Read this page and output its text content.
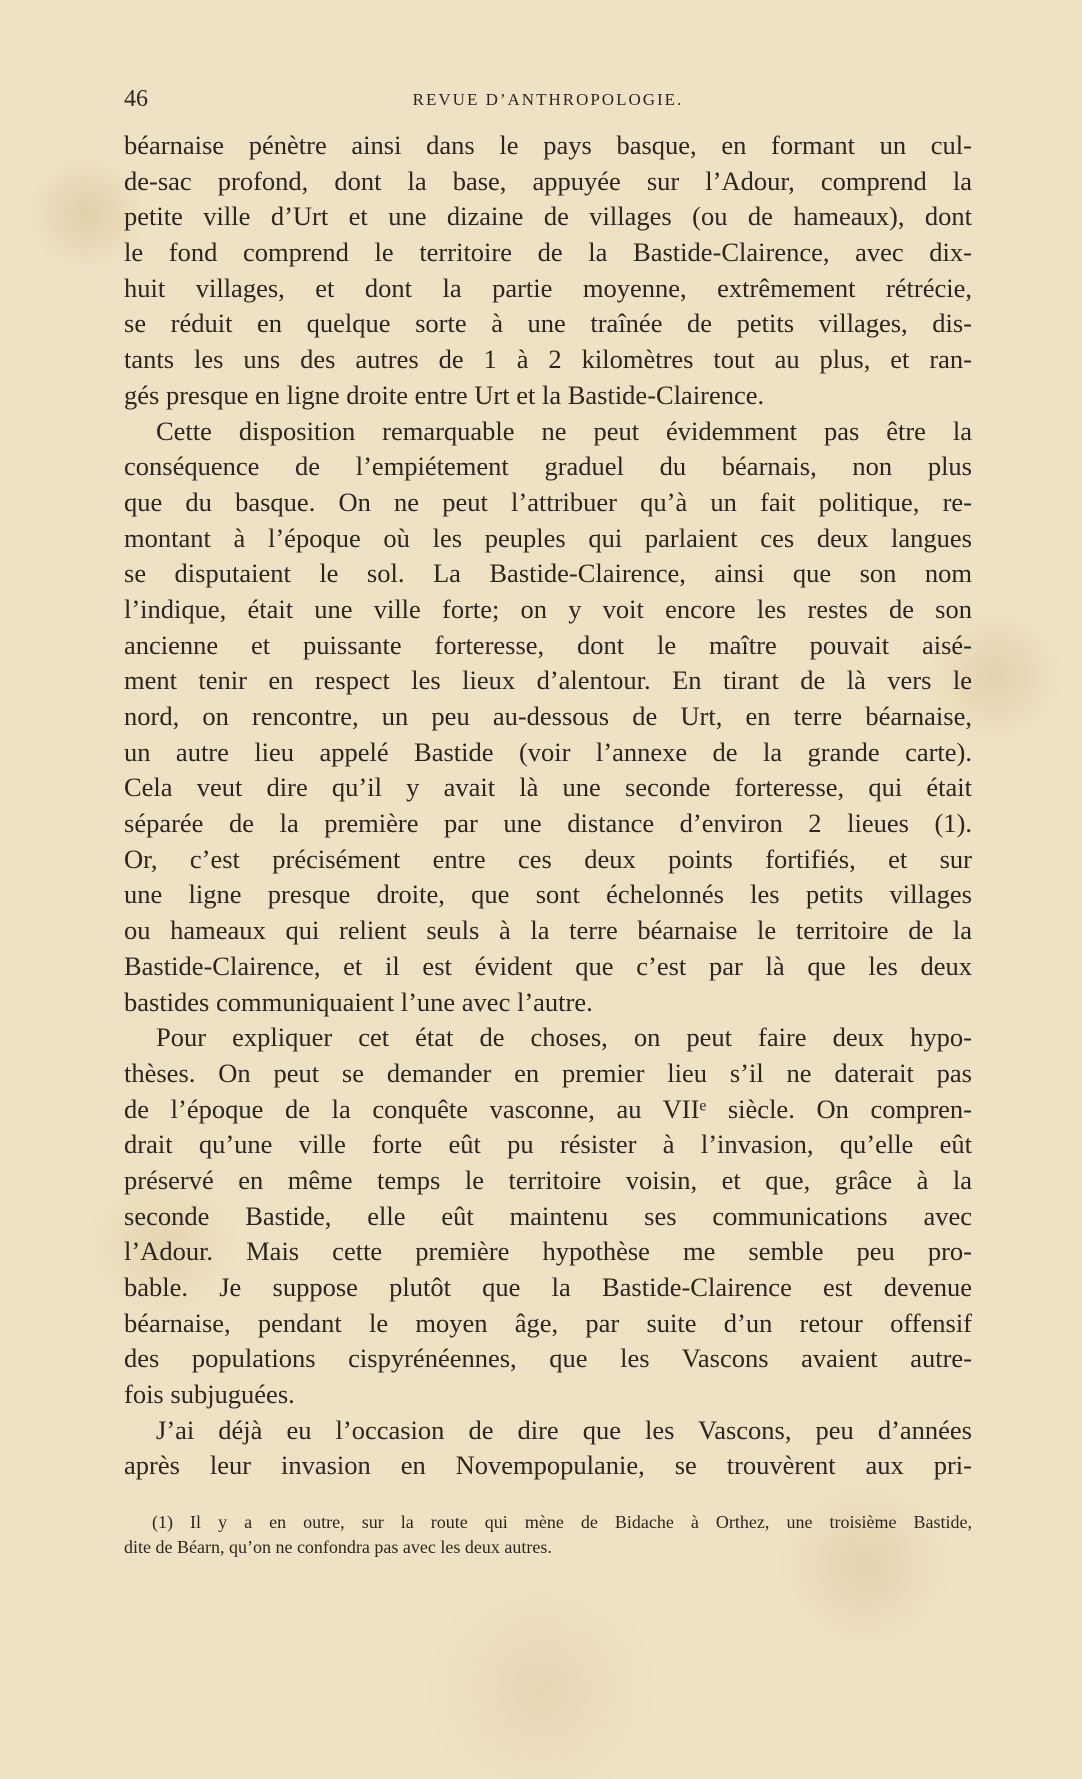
46	REVUE D’ANTHROPOLOGIE.
béarnaise pénètre ainsi dans le pays basque, en formant un cul-
de-sac profond, dont la base, appuyée sur l’Adour, comprend la
petite ville d’Urt et une dizaine de villages (ou de hameaux), dont
le fond comprend le territoire de la Bastide-Clairence, avec dix-
huit villages, et dont la partie moyenne, extrêmement rétrécie,
se réduit en quelque sorte à une traînée de petits villages, dis-
tants les uns des autres de 1 à 2 kilomètres tout au plus, et ran-
gés presque en ligne droite entre Urt et la Bastide-Clairence.
Cette disposition remarquable ne peut évidemment pas être la
conséquence de l’empiétement graduel du béarnais, non plus
que du basque. On ne peut l’attribuer qu’à un fait politique, re-
montant à l’époque où les peuples qui parlaient ces deux langues
se disputaient le sol. La Bastide-Clairence, ainsi que son nom
l’indique, était une ville forte; on y voit encore les restes de son
ancienne et puissante forteresse, dont le maître pouvait aisé-
ment tenir en respect les lieux d’alentour. En tirant de là vers le
nord, on rencontre, un peu au-dessous de Urt, en terre béarnaise,
un autre lieu appelé Bastide (voir l’annexe de la grande carte).
Cela veut dire qu’il y avait là une seconde forteresse, qui était
séparée de la première par une distance d’environ 2 lieues (1).
Or, c’est précisément entre ces deux points fortifiés, et sur
une ligne presque droite, que sont échelonnés les petits villages
ou hameaux qui relient seuls à la terre béarnaise le territoire de la
Bastide-Clairence, et il est évident que c’est par là que les deux
bastides communiquaient l’une avec l’autre.
Pour expliquer cet état de choses, on peut faire deux hypo-
thèses. On peut se demander en premier lieu s’il ne daterait pas
de l’époque de la conquête vasconne, au VIIᵉ siècle. On compren-
drait qu’une ville forte eût pu résister à l’invasion, qu’elle eût
préservé en même temps le territoire voisin, et que, grâce à la
seconde Bastide, elle eût maintenu ses communications avec
l’Adour. Mais cette première hypothèse me semble peu pro-
bable. Je suppose plutôt que la Bastide-Clairence est devenue
béarnaise, pendant le moyen âge, par suite d’un retour offensif
des populations cispyrénéennes, que les Vascons avaient autre-
fois subjuguées.
J’ai déjà eu l’occasion de dire que les Vascons, peu d’années
après leur invasion en Novempopulanie, se trouvèrent aux pri-
(1) Il y a en outre, sur la route qui mène de Bidache à Orthez, une troisième Bastide,
dite de Béarn, qu’on ne confondra pas avec les deux autres.
